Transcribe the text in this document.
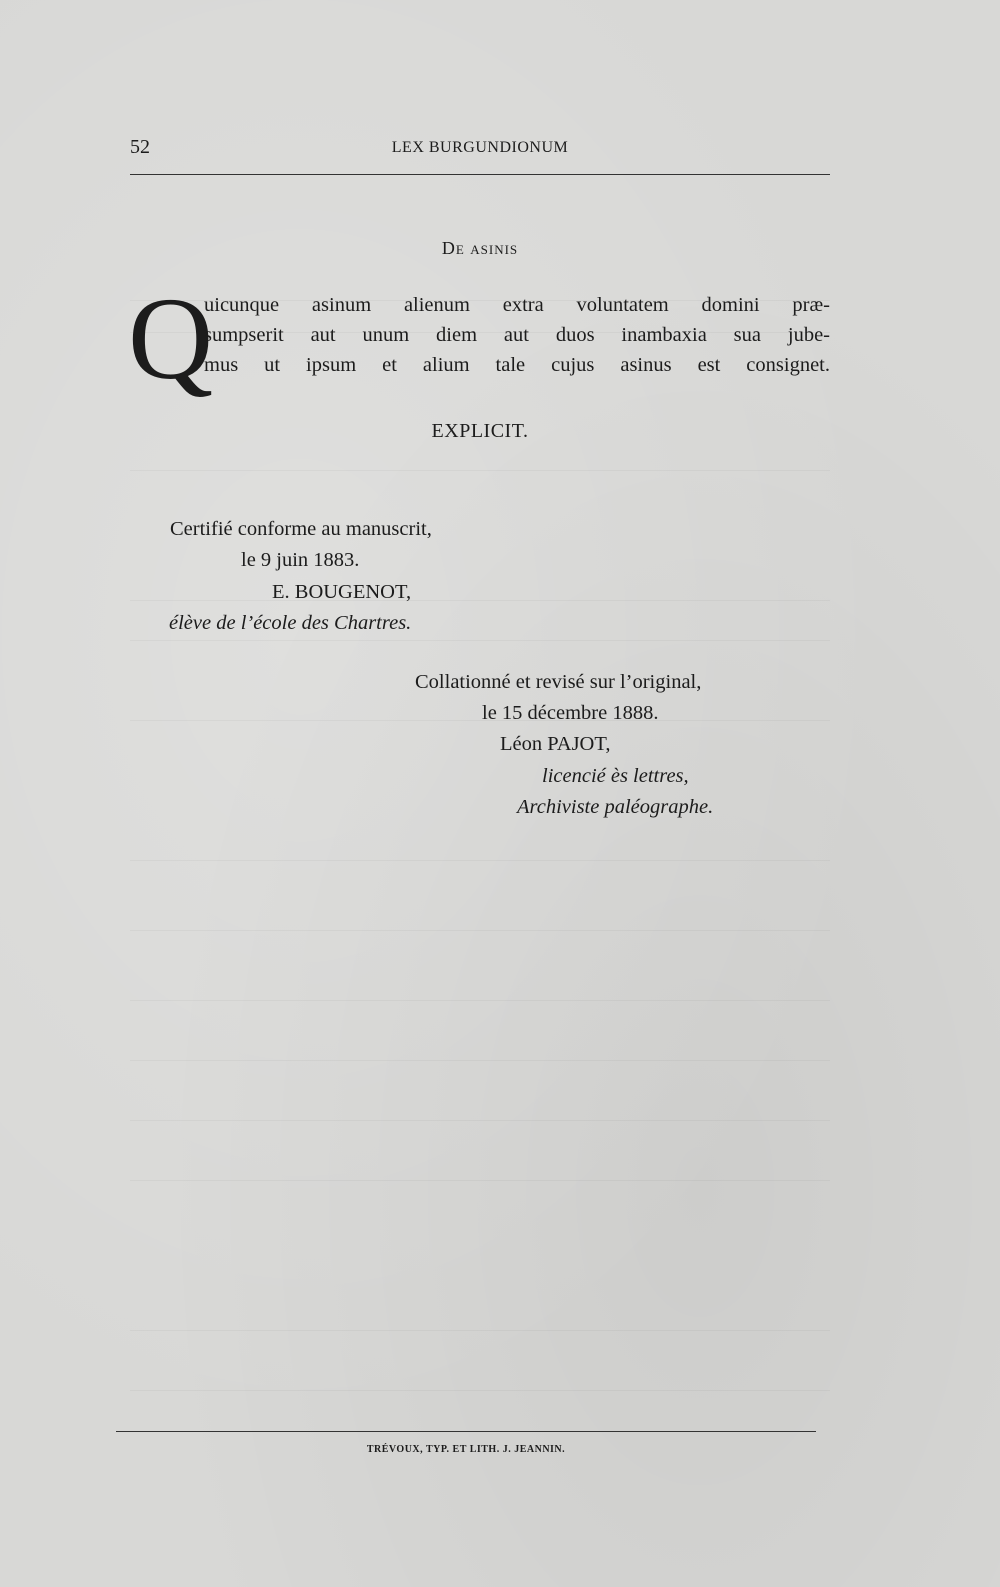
52	LEX BURGUNDIONUM
De asinis
Q
uicunque asinum alienum extra voluntatem domini præ-
sumpserit aut unum diem aut duos inambaxia sua jube-
mus ut ipsum et alium tale cujus asinus est consignet.
EXPLICIT.
Certifié conforme au manuscrit,
le 9 juin 1883.
E. BOUGENOT,
élève de l’école des Chartres.
Collationné et revisé sur l’original,
le 15 décembre 1888.
Léon PAJOT,
licencié ès lettres,
Archiviste paléographe.
TRÉVOUX, TYP. ET LITH. J. JEANNIN.
